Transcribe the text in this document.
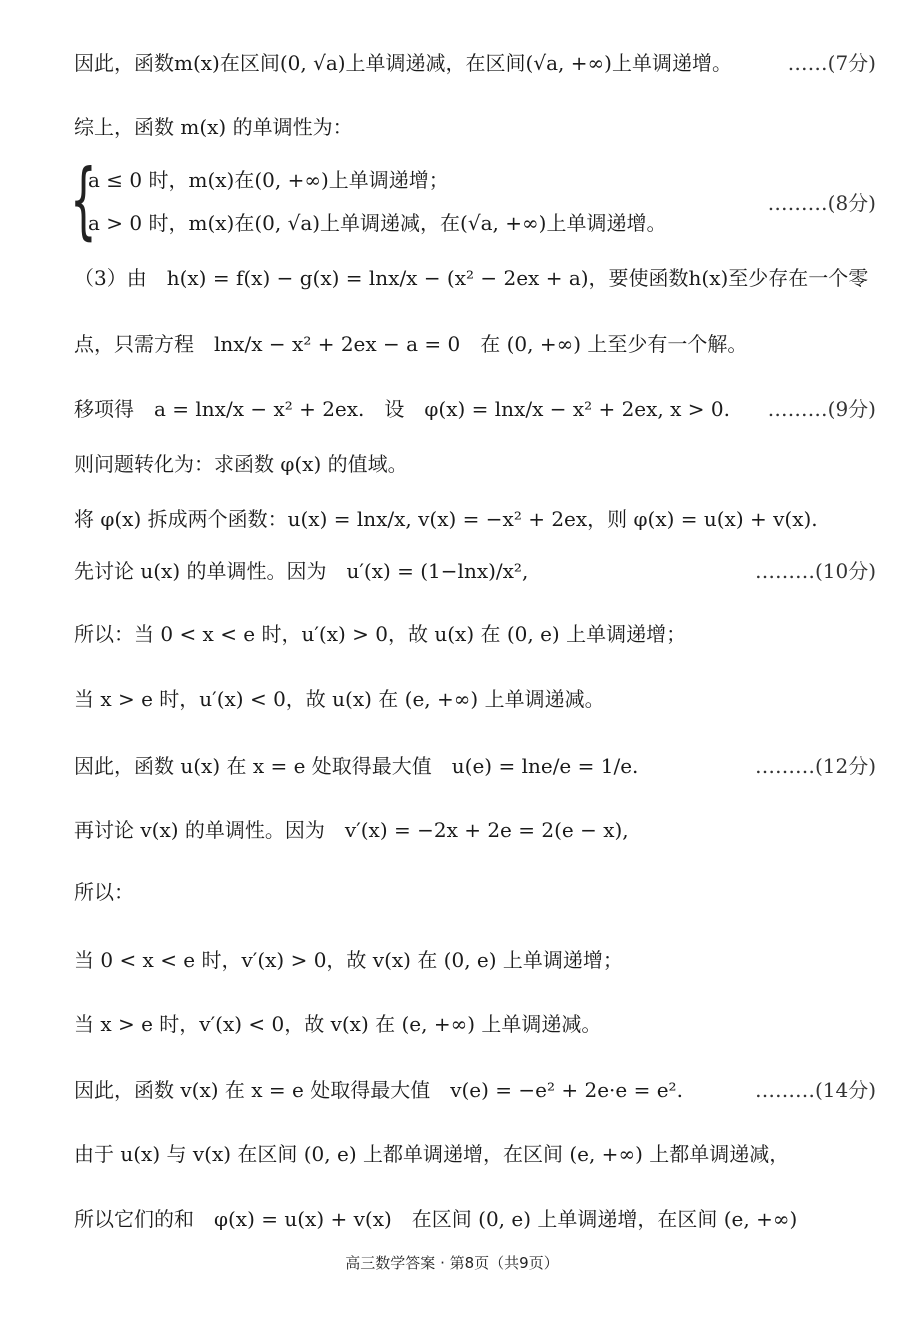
因此，函数m(x)在区间(0, √a)上单调递减，在区间(√a, +∞)上单调递增。	……(7分)
综上，函数 m(x) 的单调性为：
{
a ≤ 0 时，m(x)在(0, +∞)上单调递增；
a > 0 时，m(x)在(0, √a)上单调递减，在(√a, +∞)上单调递增。
………(8分)
（3）由　h(x) = f(x) − g(x) = lnx/x − (x² − 2ex + a)，要使函数h(x)至少存在一个零
点，只需方程　lnx/x − x² + 2ex − a = 0　在 (0, +∞) 上至少有一个解。
移项得　a = lnx/x − x² + 2ex.　设　φ(x) = lnx/x − x² + 2ex, x > 0. ………(9分)
则问题转化为：求函数 φ(x) 的值域。
将 φ(x) 拆成两个函数：u(x) = lnx/x, v(x) = −x² + 2ex，则 φ(x) = u(x) + v(x).
先讨论 u(x) 的单调性。因为　u′(x) = (1−lnx)/x²,	………(10分)
所以：当 0 < x < e 时，u′(x) > 0，故 u(x) 在 (0, e) 上单调递增；
当 x > e 时，u′(x) < 0，故 u(x) 在 (e, +∞) 上单调递减。
因此，函数 u(x) 在 x = e 处取得最大值　u(e) = lne/e = 1/e.	………(12分)
再讨论 v(x) 的单调性。因为　v′(x) = −2x + 2e = 2(e − x),
所以：
当 0 < x < e 时，v′(x) > 0，故 v(x) 在 (0, e) 上单调递增；
当 x > e 时，v′(x) < 0，故 v(x) 在 (e, +∞) 上单调递减。
因此，函数 v(x) 在 x = e 处取得最大值　v(e) = −e² + 2e·e = e².	………(14分)
由于 u(x) 与 v(x) 在区间 (0, e) 上都单调递增，在区间 (e, +∞) 上都单调递减，
所以它们的和　φ(x) = u(x) + v(x)　在区间 (0, e) 上单调递增，在区间 (e, +∞)
高三数学答案 · 第8页（共9页）
